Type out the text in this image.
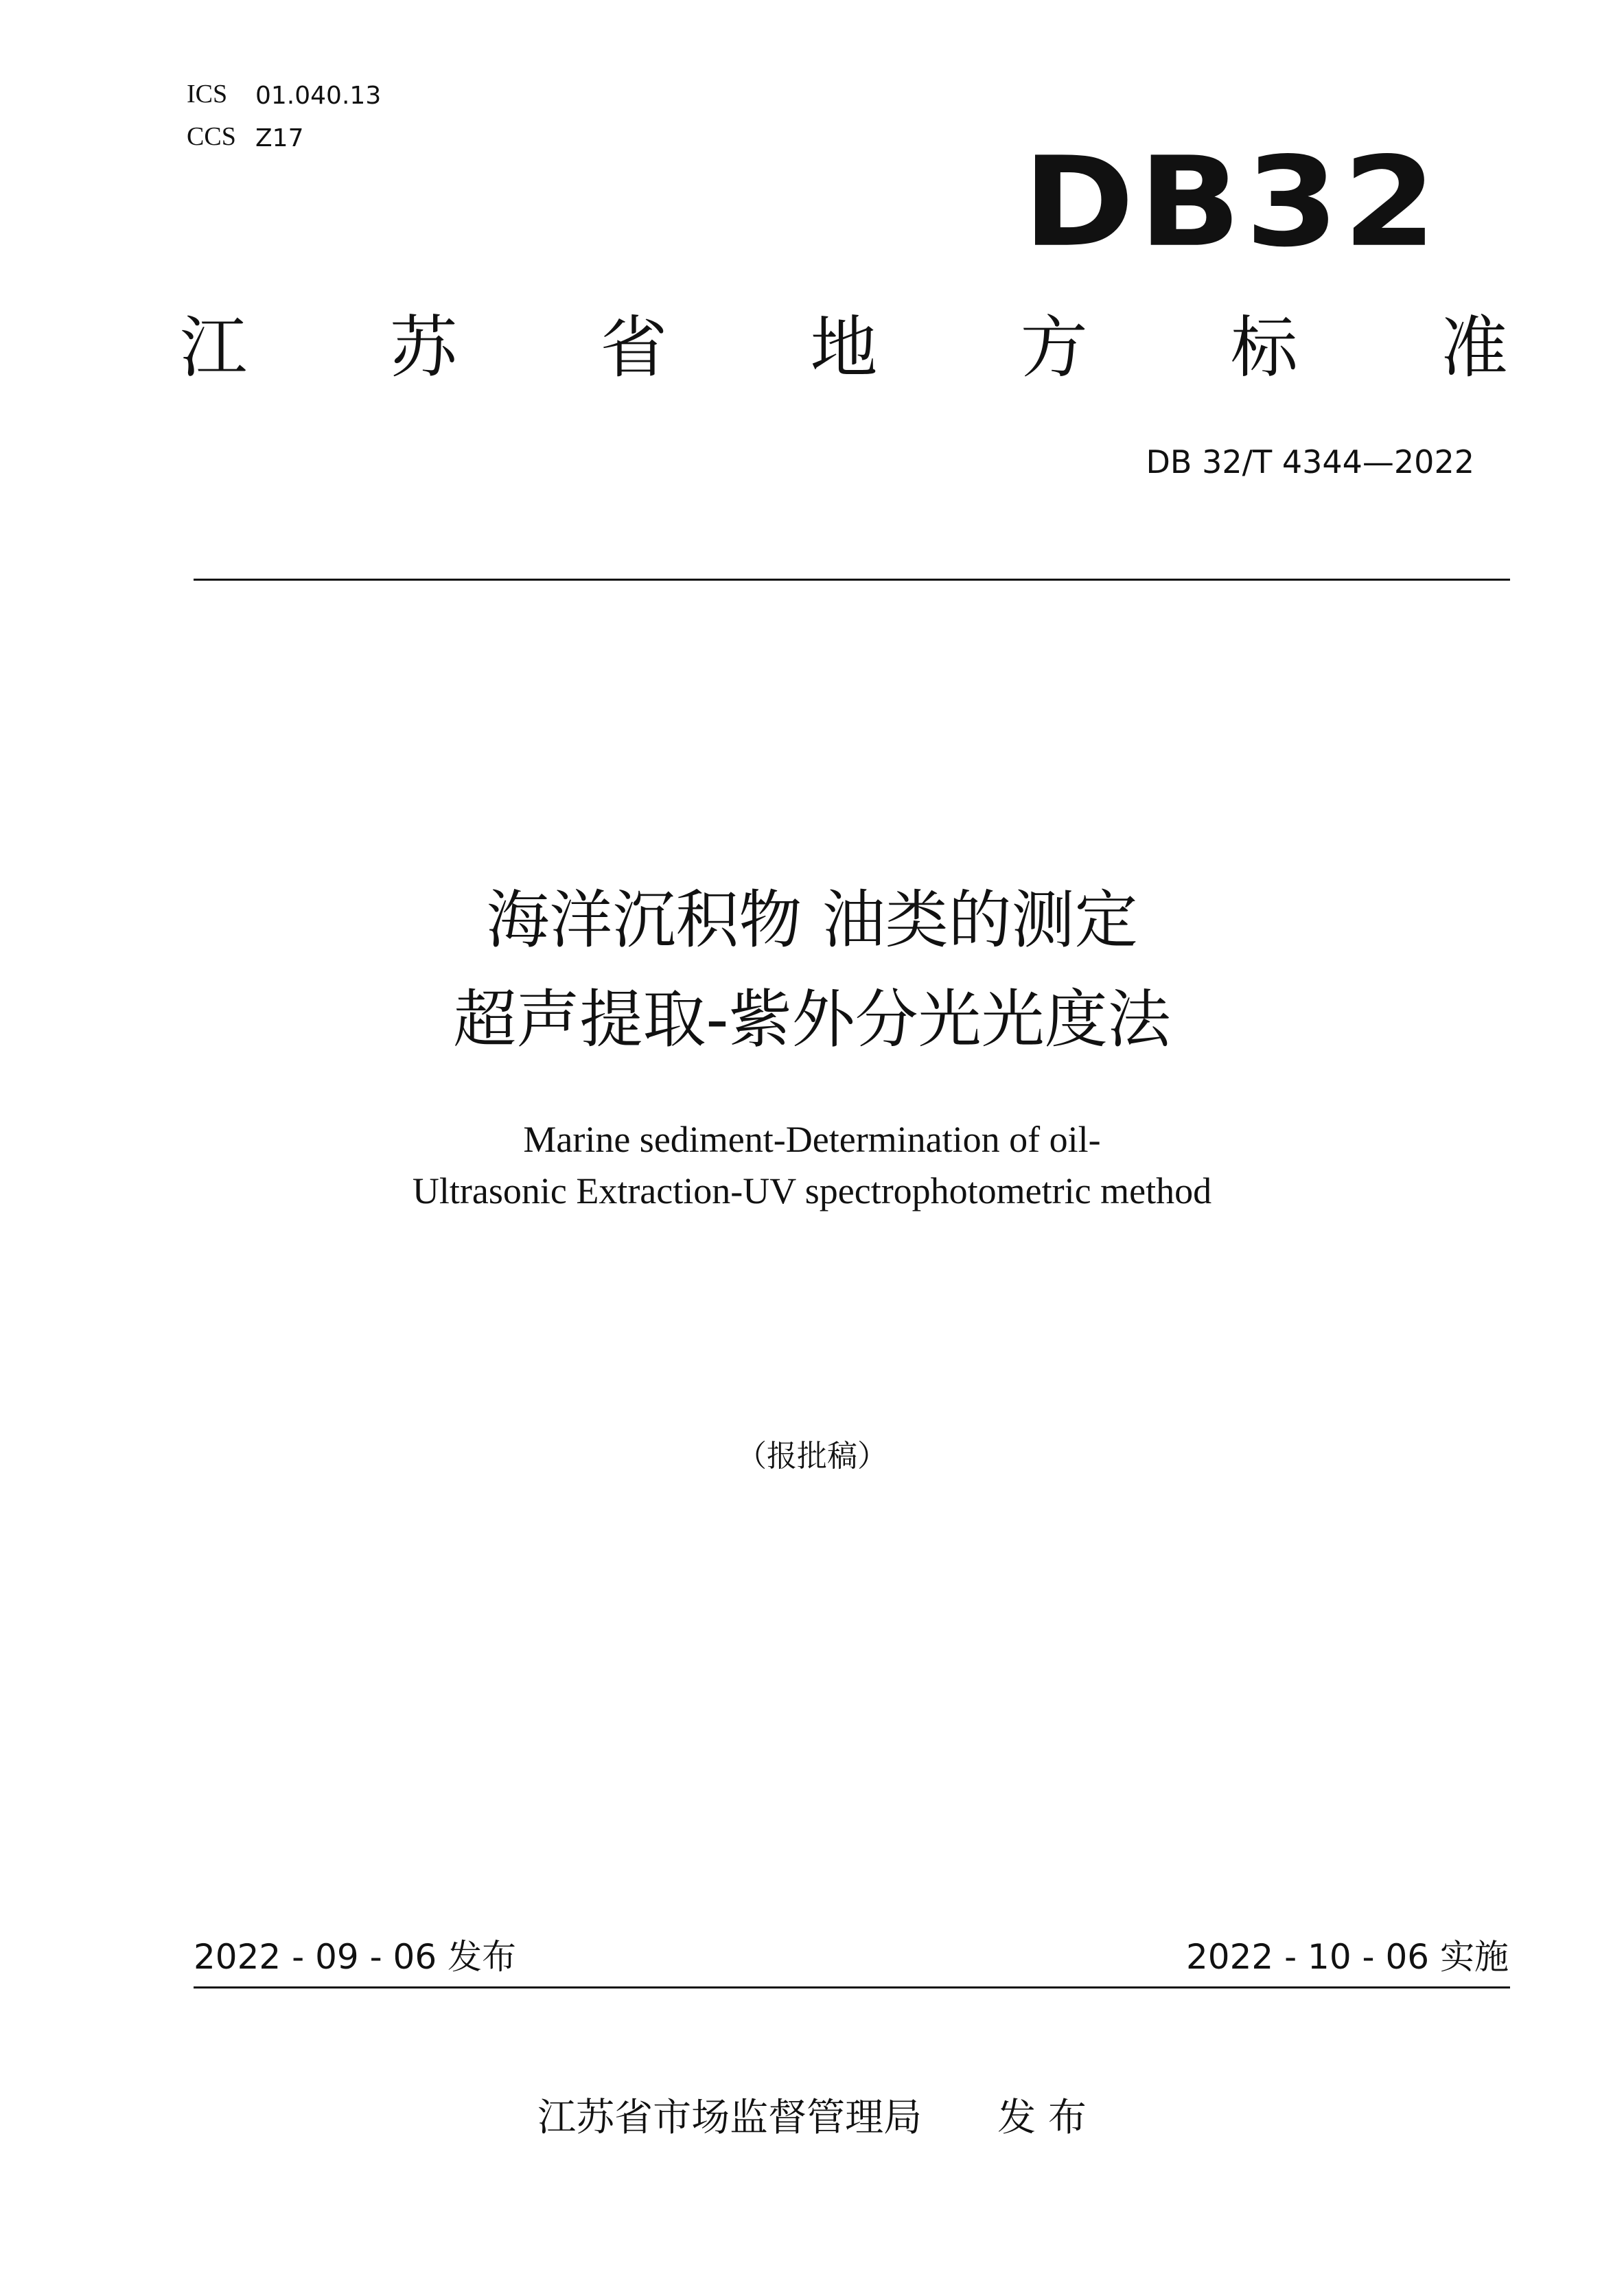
ICS 01.040.13
CCS Z17	DB32
江 苏 省 地 方 标 准
DB 32/T 4344—2022
海洋沉积物 油类的测定
超声提取-紫外分光光度法
Marine sediment-Determination of oil-
Ultrasonic Extraction-UV spectrophotometric method
（报批稿）
2022 - 09 - 06 发布	2022 - 10 - 06 实施
江苏省市场监督管理局 发 布
